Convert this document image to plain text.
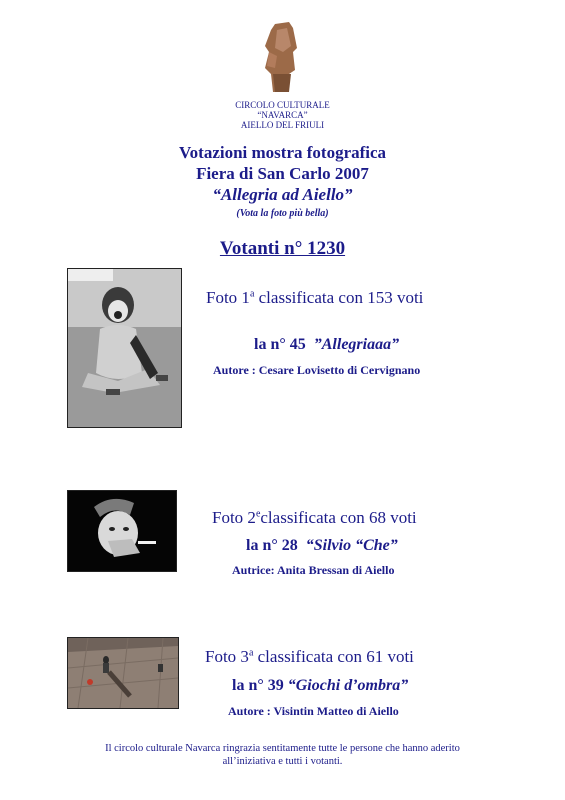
CIRCOLO CULTURALE
“NAVARCA”
AIELLO DEL FRIULI
Votazioni mostra fotografica
Fiera di San Carlo 2007
“Allegria ad Aiello”
(Vota la foto più bella)
Votanti n° 1230
Foto 1$^a$ classificata con 153 voti
la n° 45 ”Allegriaaa”
Autore : Cesare Lovisetto di Cervignano
Foto 2eclassificata con 68 voti
la n° 28 “Silvio “Che”
Autrice: Anita Bressan di Aiello
Foto 3$^a$ classificata con 61 voti
la n° 39 “Giochi d’ombra”
Autore : Visintin Matteo di Aiello
Il circolo culturale Navarca ringrazia sentitamente tutte le persone che hanno aderito
all’iniziativa e tutti i votanti.
